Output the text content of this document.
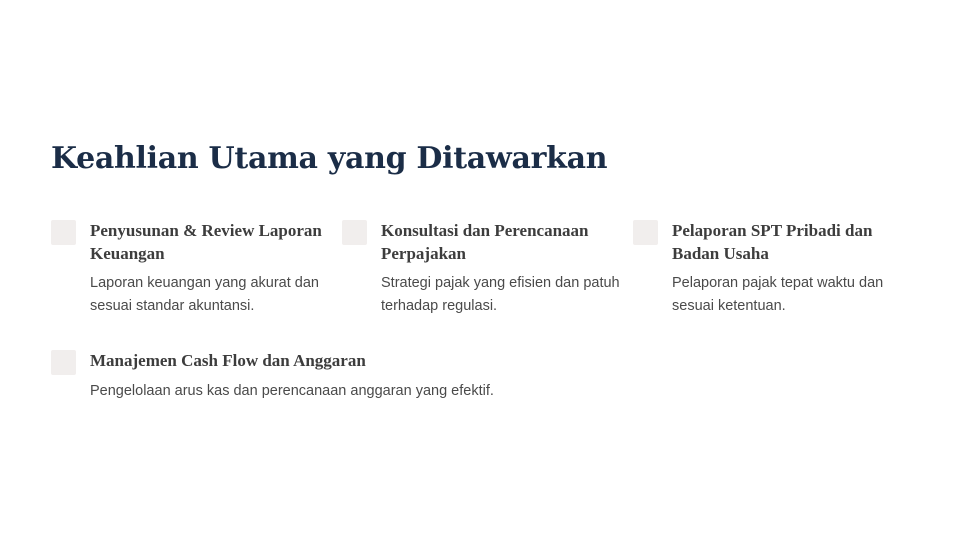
Keahlian Utama yang Ditawarkan
Penyusunan & Review Laporan Keuangan
Laporan keuangan yang akurat dan sesuai standar akuntansi.
Konsultasi dan Perencanaan Perpajakan
Strategi pajak yang efisien dan patuh terhadap regulasi.
Pelaporan SPT Pribadi dan Badan Usaha
Pelaporan pajak tepat waktu dan sesuai ketentuan.
Manajemen Cash Flow dan Anggaran
Pengelolaan arus kas dan perencanaan anggaran yang efektif.
